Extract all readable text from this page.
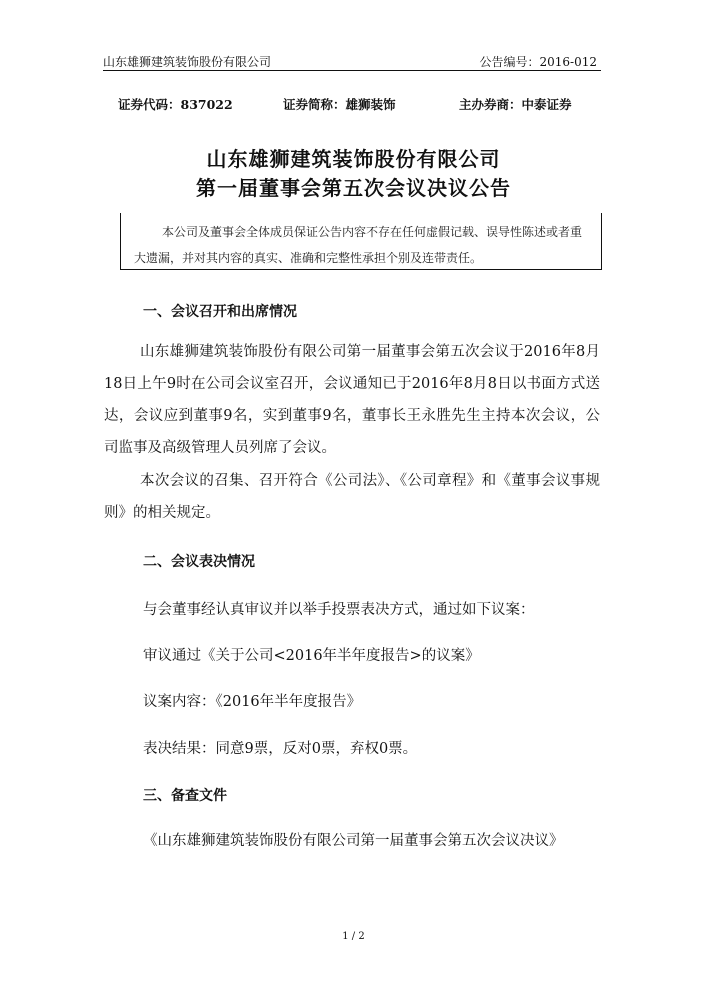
山东雄狮建筑装饰股份有限公司	公告编号：2016-012
证券代码：837022	证券简称：雄狮装饰	主办券商：中泰证券
山东雄狮建筑装饰股份有限公司
第一届董事会第五次会议决议公告
本公司及董事会全体成员保证公告内容不存在任何虚假记载、误导性陈述或者重大遗漏，并对其内容的真实、准确和完整性承担个别及连带责任。
一、会议召开和出席情况
山东雄狮建筑装饰股份有限公司第一届董事会第五次会议于2016年8月18日上午9时在公司会议室召开，会议通知已于2016年8月8日以书面方式送达，会议应到董事9名，实到董事9名，董事长王永胜先生主持本次会议，公司监事及高级管理人员列席了会议。
本次会议的召集、召开符合《公司法》、《公司章程》和《董事会议事规则》的相关规定。
二、会议表决情况
与会董事经认真审议并以举手投票表决方式，通过如下议案：
审议通过《关于公司<2016年半年度报告>的议案》
议案内容：《2016年半年度报告》
表决结果：同意9票，反对0票，弃权0票。
三、备查文件
《山东雄狮建筑装饰股份有限公司第一届董事会第五次会议决议》
1 / 2
